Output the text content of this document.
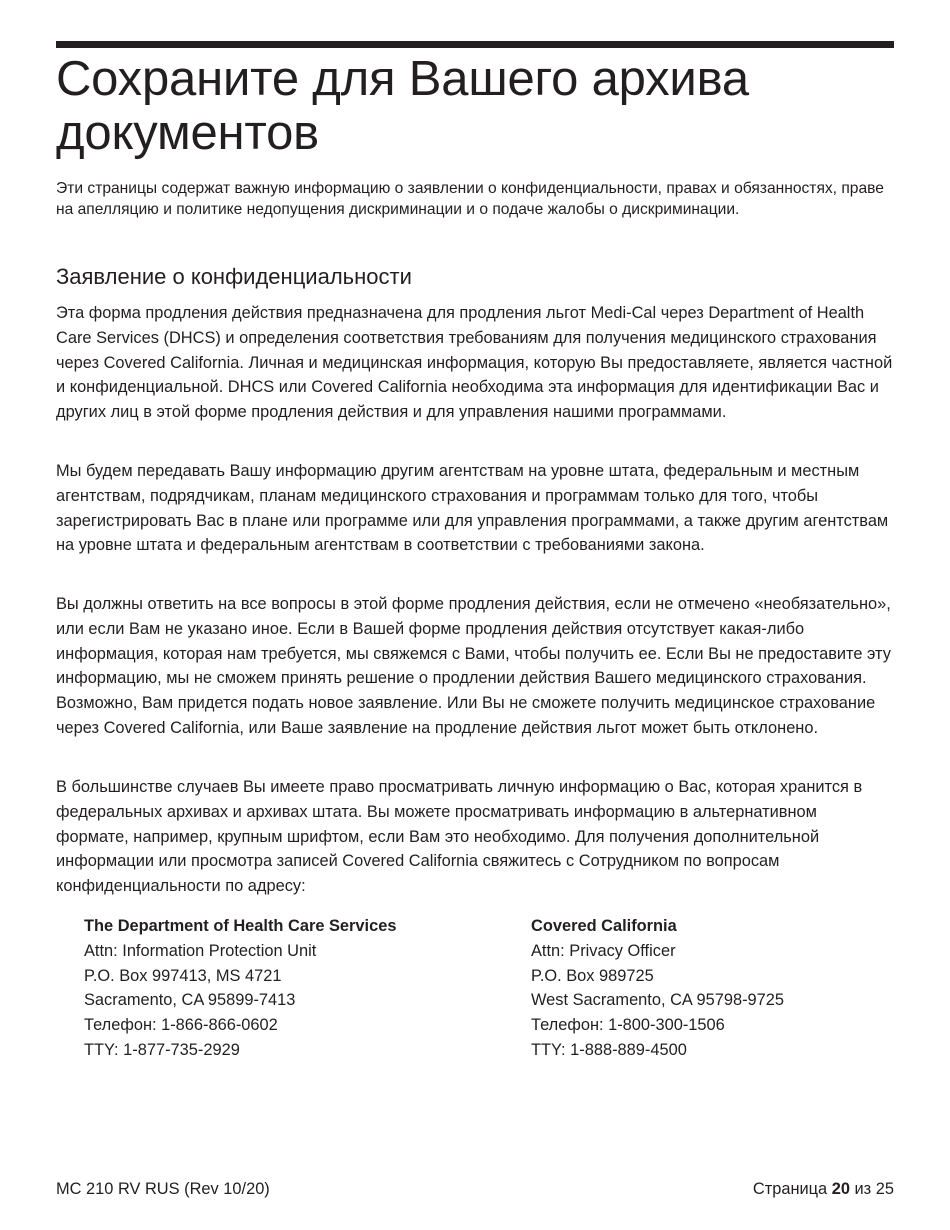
Сохраните для Вашего архива документов

Эти страницы содержат важную информацию о заявлении о конфиденциальности, правах и обязанностях, праве на апелляцию и политике недопущения дискриминации и о подаче жалобы о дискриминации.

Заявление о конфиденциальности

Эта форма продления действия предназначена для продления льгот Medi-Cal через Department of Health Care Services (DHCS) и определения соответствия требованиям для получения медицинского страхования через Covered California. Личная и медицинская информация, которую Вы предоставляете, является частной и конфиденциальной. DHCS или Covered California необходима эта информация для идентификации Вас и других лиц в этой форме продления действия и для управления нашими программами.

Мы будем передавать Вашу информацию другим агентствам на уровне штата, федеральным и местным агентствам, подрядчикам, планам медицинского страхования и программам только для того, чтобы зарегистрировать Вас в плане или программе или для управления программами, а также другим агентствам на уровне штата и федеральным агентствам в соответствии с требованиями закона.

Вы должны ответить на все вопросы в этой форме продления действия, если не отмечено «необязательно», или если Вам не указано иное. Если в Вашей форме продления действия отсутствует какая-либо информация, которая нам требуется, мы свяжемся с Вами, чтобы получить ее. Если Вы не предоставите эту информацию, мы не сможем принять решение о продлении действия Вашего медицинского страхования. Возможно, Вам придется подать новое заявление. Или Вы не сможете получить медицинское страхование через Covered California, или Ваше заявление на продление действия льгот может быть отклонено.

В большинстве случаев Вы имеете право просматривать личную информацию о Вас, которая хранится в федеральных архивах и архивах штата. Вы можете просматривать информацию в альтернативном формате, например, крупным шрифтом, если Вам это необходимо. Для получения дополнительной информации или просмотра записей Covered California свяжитесь с Сотрудником по вопросам конфиденциальности по адресу:

The Department of Health Care Services
Attn: Information Protection Unit
P.O. Box 997413, MS 4721
Sacramento, CA 95899-7413
Телефон: 1-866-866-0602
TTY: 1-877-735-2929
Covered California
Attn: Privacy Officer
P.O. Box 989725
West Sacramento, CA 95798-9725
Телефон: 1-800-300-1506
TTY: 1-888-889-4500
MC 210 RV RUS (Rev 10/20)	Страница 20 из 25
